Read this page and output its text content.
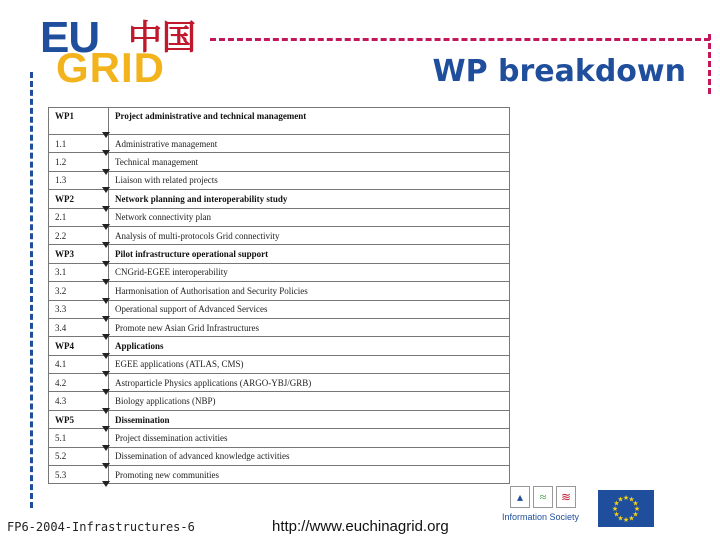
EU 中国
GRID	WP breakdown
WP1	Project administrative and technical management

1.1	Administrative management

1.2	Technical management

1.3	Liaison with related projects

WP2	Network planning and interoperability study

2.1	Network connectivity plan

2.2	Analysis of multi-protocols Grid connectivity

WP3	Pilot infrastructure operational support

3.1	CNGrid-EGEE interoperability

3.2	Harmonisation of Authorisation and Security Policies

3.3	Operational support of Advanced Services

3.4	Promote new Asian Grid Infrastructures

WP4	Applications

4.1	EGEE applications (ATLAS, CMS)

4.2	Astroparticle Physics applications (ARGO-YBJ/GRB)

4.3	Biology applications (NBP)

WP5	Dissemination

5.1	Project dissemination activities

5.2	Dissemination of advanced knowledge activities

5.3	Promoting new communities
FP6-2004-Infrastructures-6	http://www.euchinagrid.org
▴	≈	≋
Information Society
★
★
★
★
★
★
★
★
★ ★ ★
★
